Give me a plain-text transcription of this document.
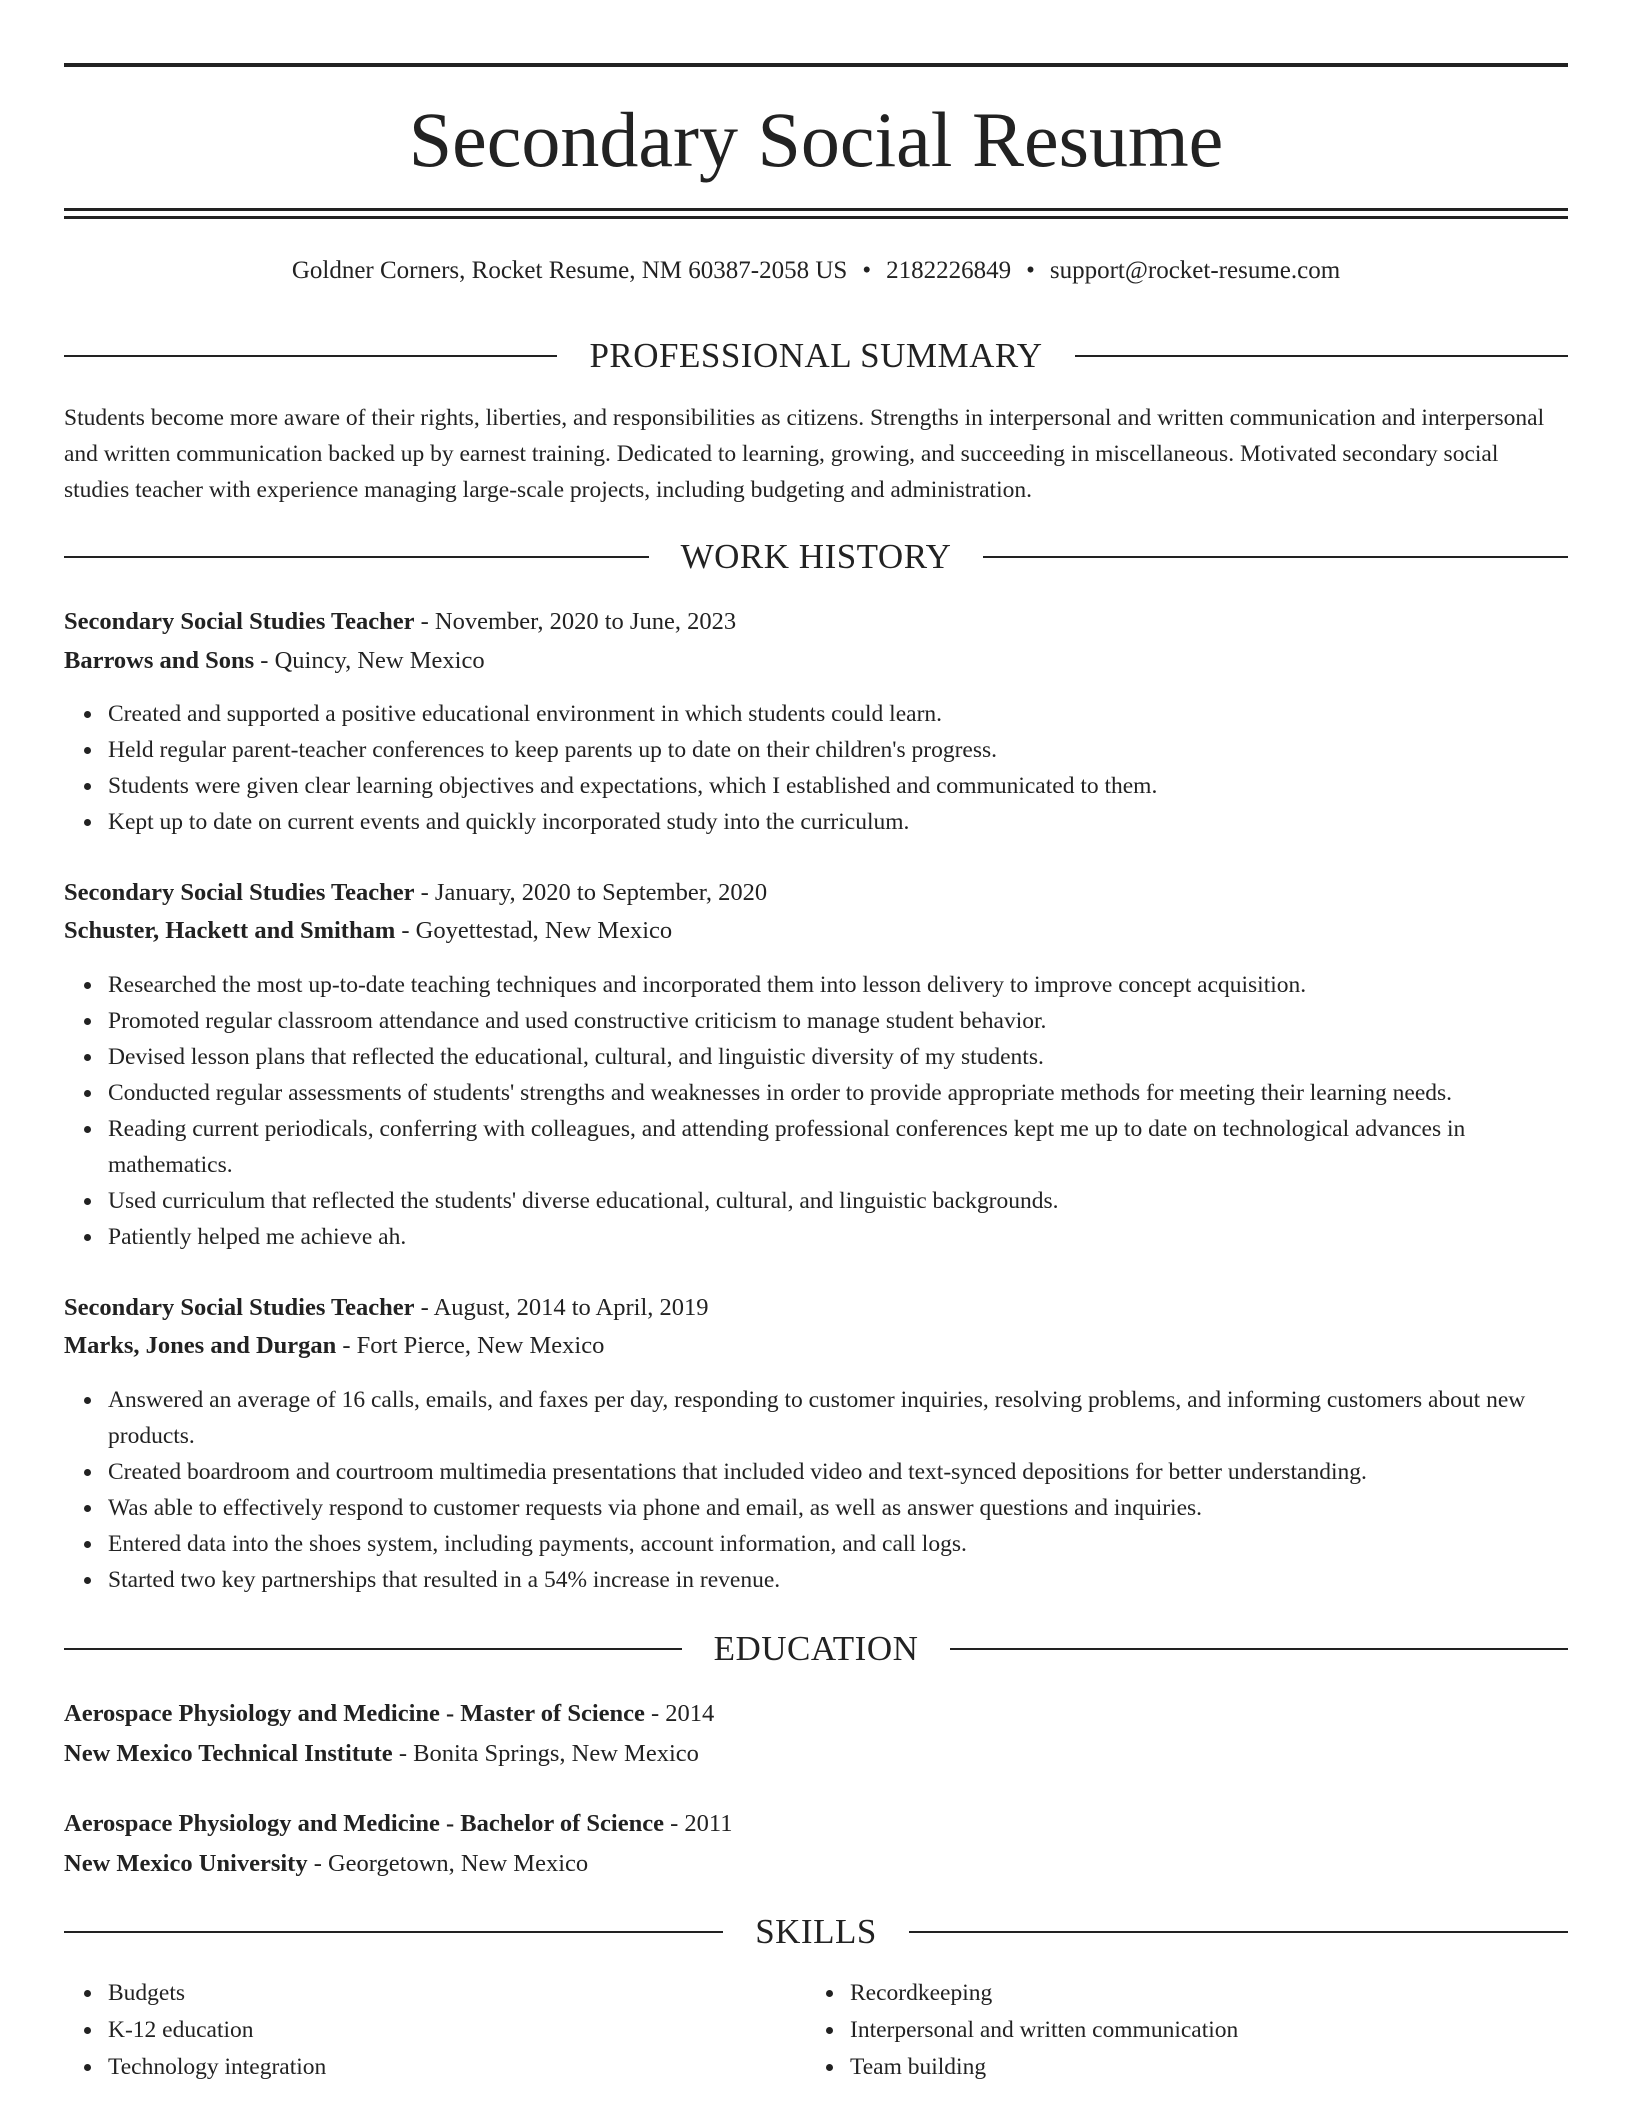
Secondary Social Resume
Goldner Corners, Rocket Resume, NM 60387-2058 US • 2182226849 • support@rocket-resume.com
PROFESSIONAL SUMMARY
Students become more aware of their rights, liberties, and responsibilities as citizens. Strengths in interpersonal and written communication and interpersonal and written communication backed up by earnest training. Dedicated to learning, growing, and succeeding in miscellaneous. Motivated secondary social studies teacher with experience managing large-scale projects, including budgeting and administration.
WORK HISTORY
Secondary Social Studies Teacher - November, 2020 to June, 2023
Barrows and Sons - Quincy, New Mexico
Created and supported a positive educational environment in which students could learn.
Held regular parent-teacher conferences to keep parents up to date on their children's progress.
Students were given clear learning objectives and expectations, which I established and communicated to them.
Kept up to date on current events and quickly incorporated study into the curriculum.
Secondary Social Studies Teacher - January, 2020 to September, 2020
Schuster, Hackett and Smitham - Goyettestad, New Mexico
Researched the most up-to-date teaching techniques and incorporated them into lesson delivery to improve concept acquisition.
Promoted regular classroom attendance and used constructive criticism to manage student behavior.
Devised lesson plans that reflected the educational, cultural, and linguistic diversity of my students.
Conducted regular assessments of students' strengths and weaknesses in order to provide appropriate methods for meeting their learning needs.
Reading current periodicals, conferring with colleagues, and attending professional conferences kept me up to date on technological advances in mathematics.
Used curriculum that reflected the students' diverse educational, cultural, and linguistic backgrounds.
Patiently helped me achieve ah.
Secondary Social Studies Teacher - August, 2014 to April, 2019
Marks, Jones and Durgan - Fort Pierce, New Mexico
Answered an average of 16 calls, emails, and faxes per day, responding to customer inquiries, resolving problems, and informing customers about new products.
Created boardroom and courtroom multimedia presentations that included video and text-synced depositions for better understanding.
Was able to effectively respond to customer requests via phone and email, as well as answer questions and inquiries.
Entered data into the shoes system, including payments, account information, and call logs.
Started two key partnerships that resulted in a 54% increase in revenue.
EDUCATION
Aerospace Physiology and Medicine - Master of Science - 2014
New Mexico Technical Institute - Bonita Springs, New Mexico
Aerospace Physiology and Medicine - Bachelor of Science - 2011
New Mexico University - Georgetown, New Mexico
SKILLS
Budgets
K-12 education
Technology integration
Recordkeeping
Interpersonal and written communication
Team building
